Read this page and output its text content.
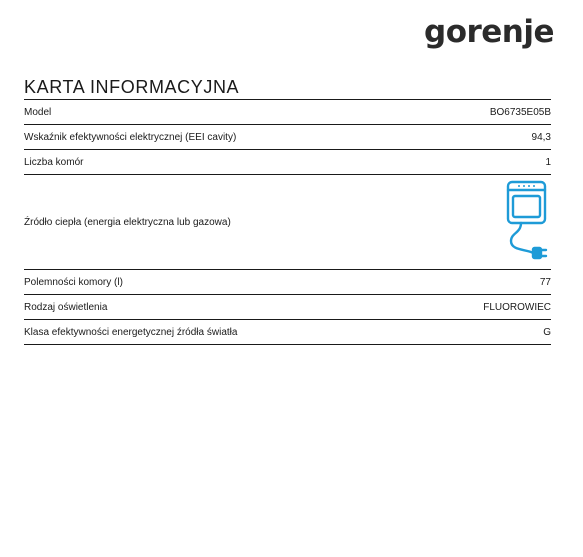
gorenje
KARTA INFORMACYJNA
Model	BO6735E05B
Wskaźnik efektywności elektrycznej (EEI cavity)	94,3
Liczba komór	1
Źródło ciepła (energia elektryczna lub gazowa)
Polemności komory (l)	77
Rodzaj oświetlenia	FLUOROWIEC
Klasa efektywności energetycznej źródła światła	G
